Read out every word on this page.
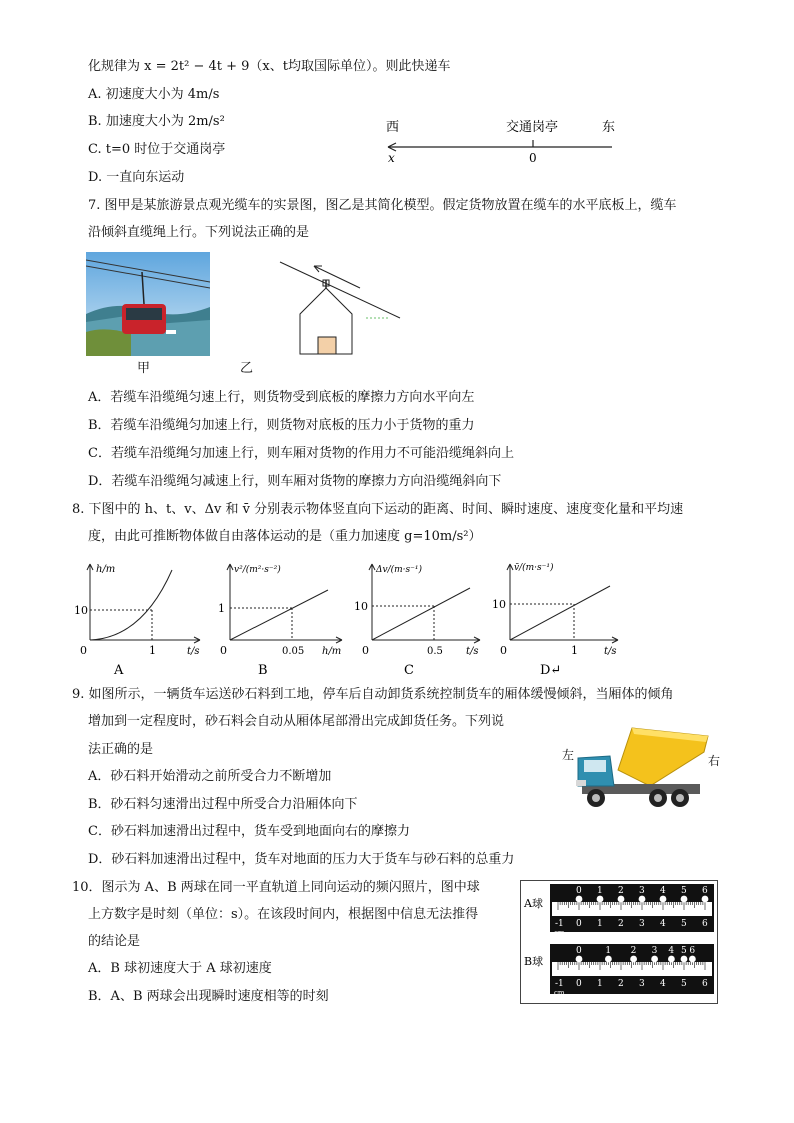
化规律为 x = 2t² − 4t + 9（x、t均取国际单位）。则此快递车
A. 初速度大小为 4m/s
B. 加速度大小为 2m/s²
C. t=0 时位于交通岗亭
D. 一直向东运动
西	交通岗亭	东
x	0
7. 图甲是某旅游景点观光缆车的实景图，图乙是其简化模型。假定货物放置在缆车的水平底板上，缆车
沿倾斜直缆绳上行。下列说法正确的是
甲	乙
A．若缆车沿缆绳匀速上行，则货物受到底板的摩擦力方向水平向左
B．若缆车沿缆绳匀加速上行，则货物对底板的压力小于货物的重力
C．若缆车沿缆绳匀加速上行，则车厢对货物的作用力不可能沿缆绳斜向上
D．若缆车沿缆绳匀减速上行，则车厢对货物的摩擦力方向沿缆绳斜向下
8. 下图中的 h、t、v、Δv 和 v̄ 分别表示物体竖直向下运动的距离、时间、瞬时速度、速度变化量和平均速
度，由此可推断物体做自由落体运动的是（重力加速度 g=10m/s²）
h/m
10
0	1	t/s
A
v²/(m²·s⁻²)
1
0	0.05 h/m
B
Δv/(m·s⁻¹)
10
0	0.5 t/s
C
v̄/(m·s⁻¹)
10
0	1	t/s
D↵
9. 如图所示，一辆货车运送砂石料到工地，停车后自动卸货系统控制货车的厢体缓慢倾斜，当厢体的倾角
增加到一定程度时，砂石料会自动从厢体尾部滑出完成卸货任务。下列说
法正确的是
A．砂石料开始滑动之前所受合力不断增加
B．砂石料匀速滑出过程中所受合力沿厢体向下
C．砂石料加速滑出过程中，货车受到地面向右的摩擦力
D．砂石料加速滑出过程中，货车对地面的压力大于货车与砂石料的总重力
左	右
10．图示为 A、B 两球在同一平直轨道上同向运动的频闪照片，图中球
上方数字是时刻（单位：s）。在该段时间内，根据图中信息无法推得
的结论是
A．B 球初速度大于 A 球初速度
B．A、B 两球会出现瞬时速度相等的时刻
A球
B球
-1 0 1 2 3 4 5 6
cm
0 1 2 3 4 5 6
-1 0 1 2 3 4 5 6
cm
0	1 2 3 4 5 6
